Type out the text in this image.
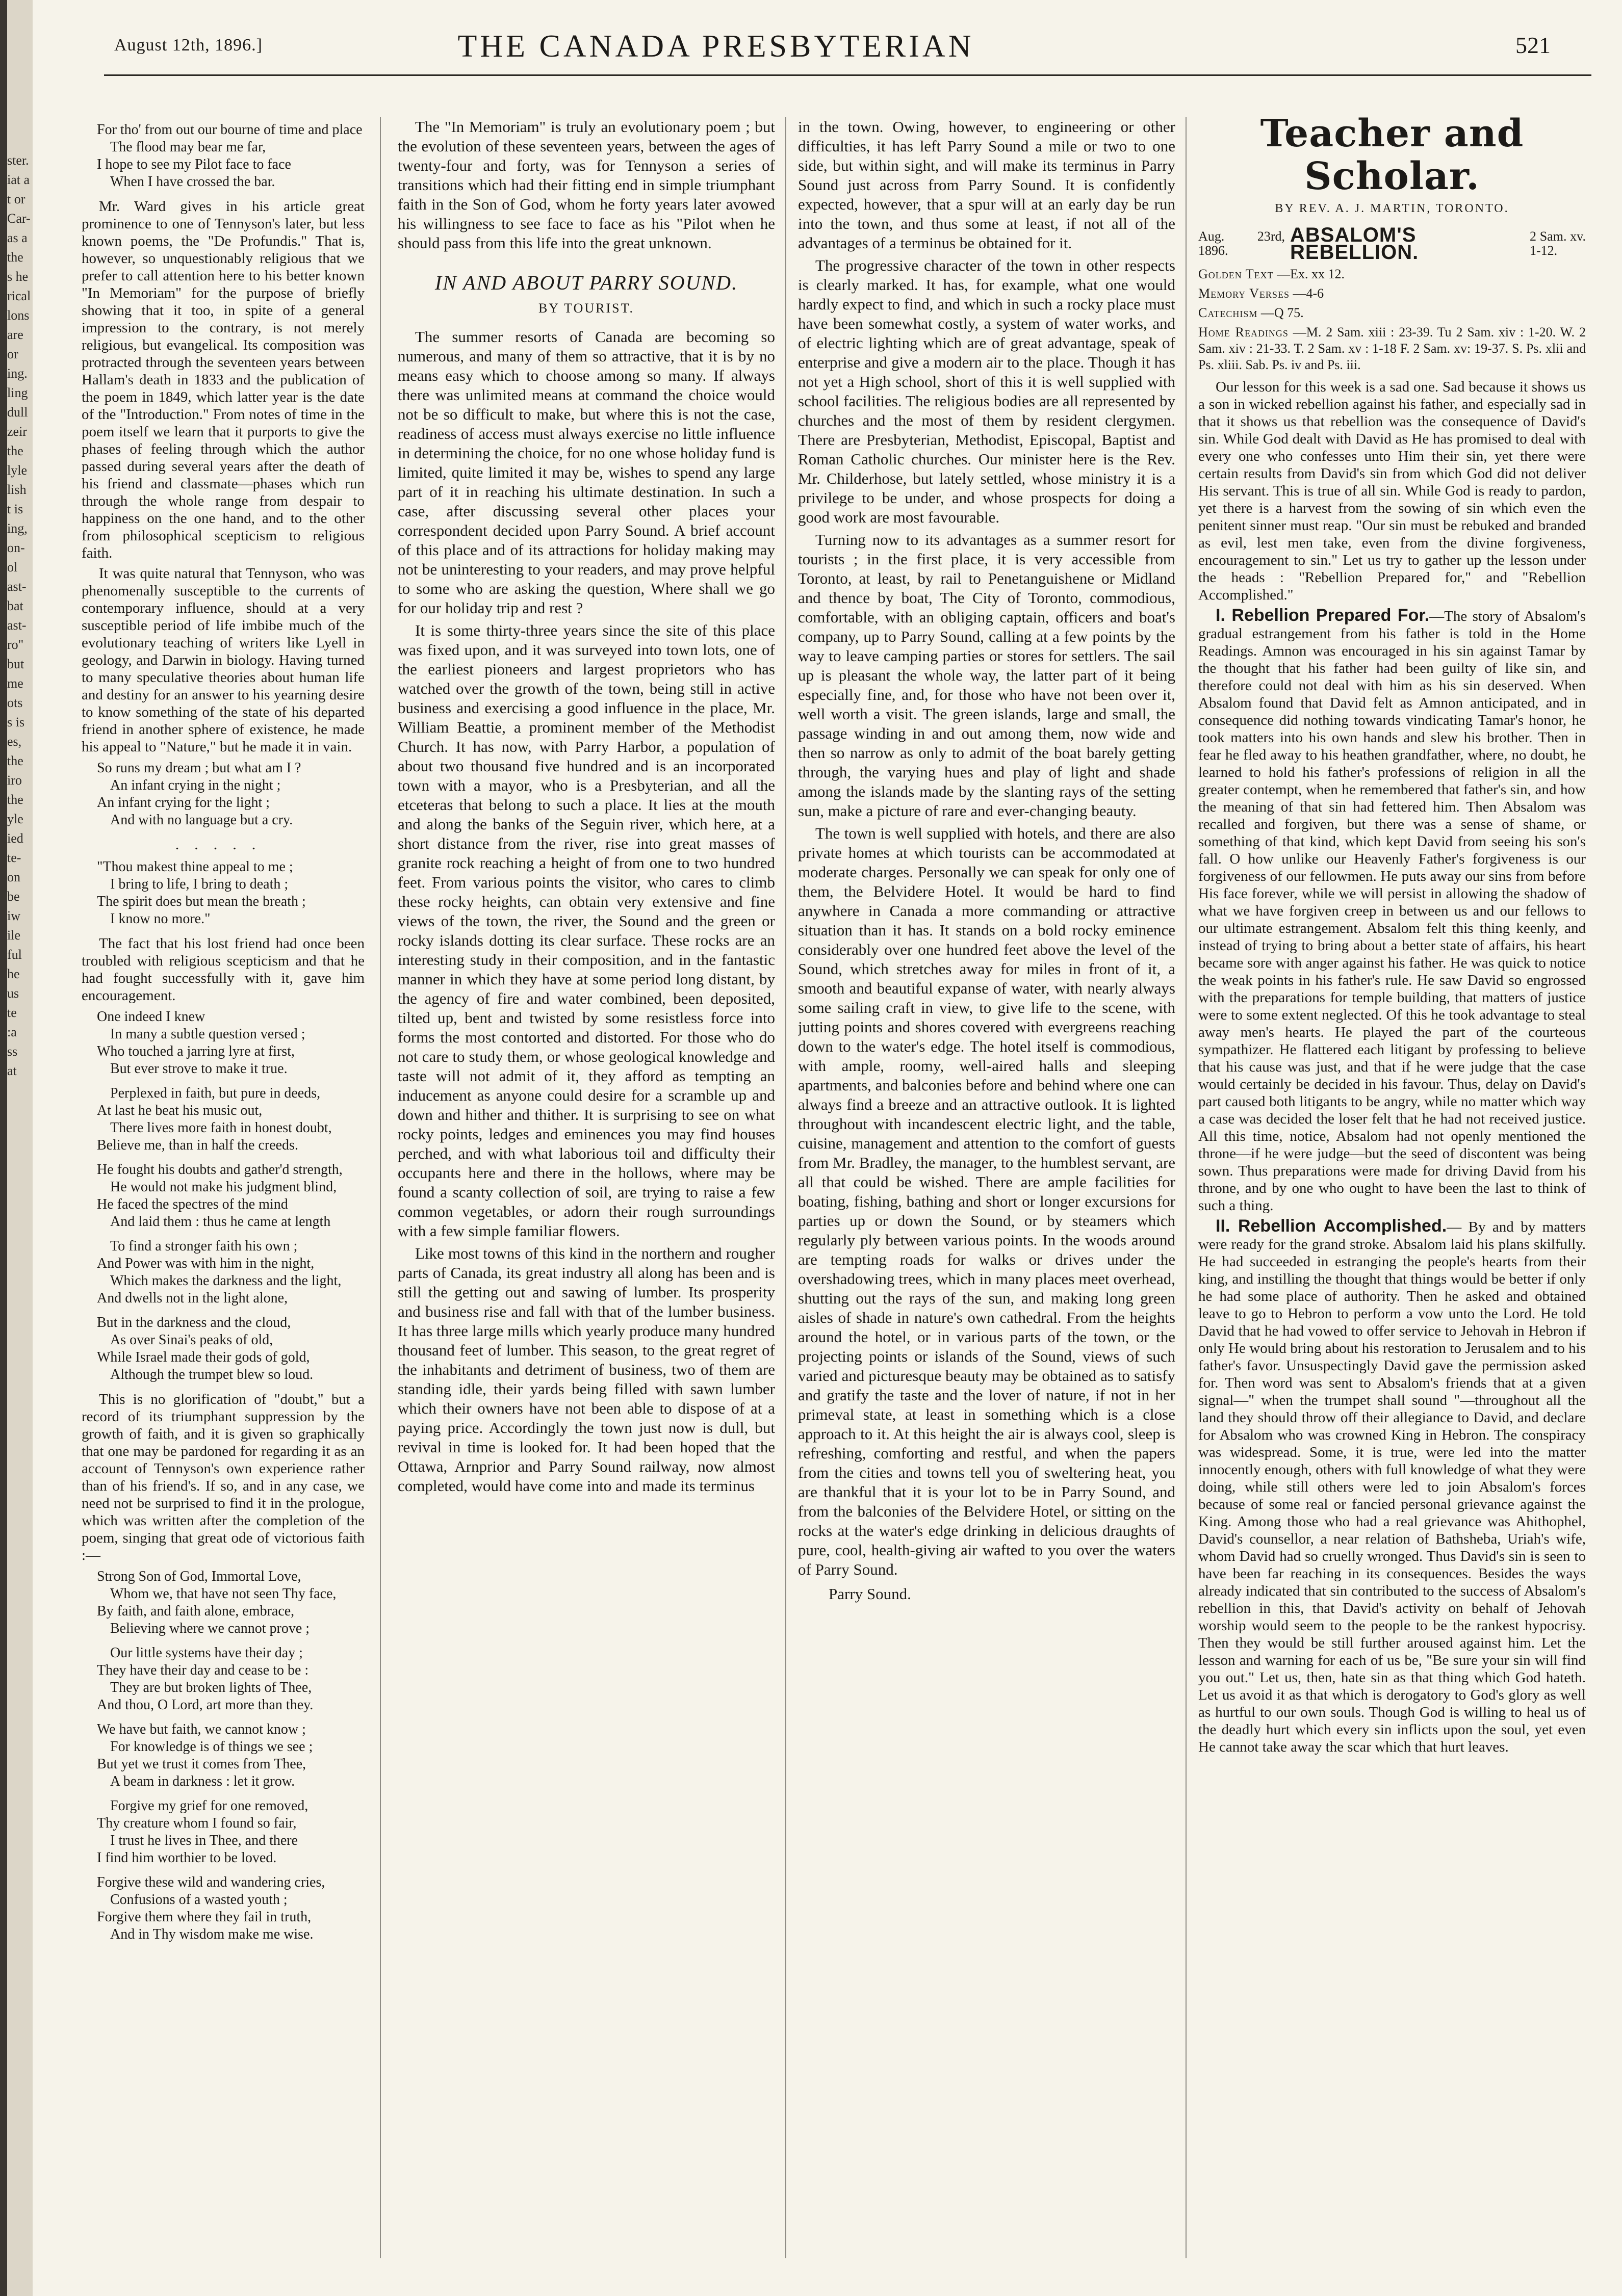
ster.
iat a
t or
Car-
as a
the
s he
rical
lons
are
or
ing.
ling
dull
zeir
the
lyle
lish
t is
ing,
on-
ol
ast-
bat
ast-
ro"
but
me
ots
s is
es,
the
iro
the
yle
ied
te-
on
be
iw
ile
ful
he
us
te
:a
ss
at
August 12th, 1896.]	THE CANADA PRESBYTERIAN	521
For tho' from out our bourne of time and place
The flood may bear me far,
I hope to see my Pilot face to face
When I have crossed the bar.

Mr. Ward gives in his article great prominence to one of Tennyson's later, but less known poems, the "De Profundis." That is, however, so unquestionably religious that we prefer to call attention here to his better known "In Memoriam" for the purpose of briefly showing that it too, in spite of a general impression to the contrary, is not merely religious, but evangelical. Its composition was protracted through the seventeen years between Hallam's death in 1833 and the publication of the poem in 1849, which latter year is the date of the "Introduction." From notes of time in the poem itself we learn that it purports to give the phases of feeling through which the author passed during several years after the death of his friend and classmate—phases which run through the whole range from despair to happiness on the one hand, and to the other from philosophical scepticism to religious faith.

It was quite natural that Tennyson, who was phenomenally susceptible to the currents of contemporary influence, should at a very susceptible period of life imbibe much of the evolutionary teaching of writers like Lyell in geology, and Darwin in biology. Having turned to many speculative theories about human life and destiny for an answer to his yearning desire to know something of the state of his departed friend in another sphere of existence, he made his appeal to "Nature," but he made it in vain.

So runs my dream ; but what am I ?
An infant crying in the night ;
An infant crying for the light ;
And with no language but a cry.
.....
"Thou makest thine appeal to me ;
I bring to life, I bring to death ;
The spirit does but mean the breath ;
I know no more."

The fact that his lost friend had once been troubled with religious scepticism and that he had fought successfully with it, gave him encouragement.

One indeed I knew
In many a subtle question versed ;
Who touched a jarring lyre at first,
But ever strove to make it true.

Perplexed in faith, but pure in deeds,
At last he beat his music out,
There lives more faith in honest doubt,
Believe me, than in half the creeds.

He fought his doubts and gather'd strength,
He would not make his judgment blind,
He faced the spectres of the mind
And laid them : thus he came at length

To find a stronger faith his own ;
And Power was with him in the night,
Which makes the darkness and the light,
And dwells not in the light alone,

But in the darkness and the cloud,
As over Sinai's peaks of old,
While Israel made their gods of gold,
Although the trumpet blew so loud.

This is no glorification of "doubt," but a record of its triumphant suppression by the growth of faith, and it is given so graphically that one may be pardoned for regarding it as an account of Tennyson's own experience rather than of his friend's. If so, and in any case, we need not be surprised to find it in the prologue, which was written after the completion of the poem, singing that great ode of victorious faith :—

Strong Son of God, Immortal Love,
Whom we, that have not seen Thy face,
By faith, and faith alone, embrace,
Believing where we cannot prove ;

Our little systems have their day ;
They have their day and cease to be :
They are but broken lights of Thee,
And thou, O Lord, art more than they.

We have but faith, we cannot know ;
For knowledge is of things we see ;
But yet we trust it comes from Thee,
A beam in darkness : let it grow.

Forgive my grief for one removed,
Thy creature whom I found so fair,
I trust he lives in Thee, and there
I find him worthier to be loved.

Forgive these wild and wandering cries,
Confusions of a wasted youth ;
Forgive them where they fail in truth,
And in Thy wisdom make me wise.

The "In Memoriam" is truly an evolutionary poem ; but the evolution of these seventeen years, between the ages of twenty-four and forty, was for Tennyson a series of transitions which had their fitting end in simple triumphant faith in the Son of God, whom he forty years later avowed his willingness to see face to face as his "Pilot when he should pass from this life into the great unknown.

IN AND ABOUT PARRY SOUND.
BY TOURIST.

The summer resorts of Canada are becoming so numerous, and many of them so attractive, that it is by no means easy which to choose among so many. If always there was unlimited means at command the choice would not be so difficult to make, but where this is not the case, readiness of access must always exercise no little influence in determining the choice, for no one whose holiday fund is limited, quite limited it may be, wishes to spend any large part of it in reaching his ultimate destination. In such a case, after discussing several other places your correspondent decided upon Parry Sound. A brief account of this place and of its attractions for holiday making may not be uninteresting to your readers, and may prove helpful to some who are asking the question, Where shall we go for our holiday trip and rest ?

It is some thirty-three years since the site of this place was fixed upon, and it was surveyed into town lots, one of the earliest pioneers and largest proprietors who has watched over the growth of the town, being still in active business and exercising a good influence in the place, Mr. William Beattie, a prominent member of the Methodist Church. It has now, with Parry Harbor, a population of about two thousand five hundred and is an incorporated town with a mayor, who is a Presbyterian, and all the etceteras that belong to such a place. It lies at the mouth and along the banks of the Seguin river, which here, at a short distance from the river, rise into great masses of granite rock reaching a height of from one to two hundred feet. From various points the visitor, who cares to climb these rocky heights, can obtain very extensive and fine views of the town, the river, the Sound and the green or rocky islands dotting its clear surface. These rocks are an interesting study in their composition, and in the fantastic manner in which they have at some period long distant, by the agency of fire and water combined, been deposited, tilted up, bent and twisted by some resistless force into forms the most contorted and distorted. For those who do not care to study them, or whose geological knowledge and taste will not admit of it, they afford as tempting an inducement as anyone could desire for a scramble up and down and hither and thither. It is surprising to see on what rocky points, ledges and eminences you may find houses perched, and with what laborious toil and difficulty their occupants here and there in the hollows, where may be found a scanty collection of soil, are trying to raise a few common vegetables, or adorn their rough surroundings with a few simple familiar flowers.

Like most towns of this kind in the northern and rougher parts of Canada, its great industry all along has been and is still the getting out and sawing of lumber. Its prosperity and business rise and fall with that of the lumber business. It has three large mills which yearly produce many hundred thousand feet of lumber. This season, to the great regret of the inhabitants and detriment of business, two of them are standing idle, their yards being filled with sawn lumber which their owners have not been able to dispose of at a paying price. Accordingly the town just now is dull, but revival in time is looked for. It had been hoped that the Ottawa, Arnprior and Parry Sound railway, now almost completed, would have come into and made its terminus

in the town. Owing, however, to engineering or other difficulties, it has left Parry Sound a mile or two to one side, but within sight, and will make its terminus in Parry Sound just across from Parry Sound. It is confidently expected, however, that a spur will at an early day be run into the town, and thus some at least, if not all of the advantages of a terminus be obtained for it.

The progressive character of the town in other respects is clearly marked. It has, for example, what one would hardly expect to find, and which in such a rocky place must have been somewhat costly, a system of water works, and of electric lighting which are of great advantage, speak of enterprise and give a modern air to the place. Though it has not yet a High school, short of this it is well supplied with school facilities. The religious bodies are all represented by churches and the most of them by resident clergymen. There are Presbyterian, Methodist, Episcopal, Baptist and Roman Catholic churches. Our minister here is the Rev. Mr. Childerhose, but lately settled, whose ministry it is a privilege to be under, and whose prospects for doing a good work are most favourable.

Turning now to its advantages as a summer resort for tourists ; in the first place, it is very accessible from Toronto, at least, by rail to Penetanguishene or Midland and thence by boat, The City of Toronto, commodious, comfortable, with an obliging captain, officers and boat's company, up to Parry Sound, calling at a few points by the way to leave camping parties or stores for settlers. The sail up is pleasant the whole way, the latter part of it being especially fine, and, for those who have not been over it, well worth a visit. The green islands, large and small, the passage winding in and out among them, now wide and then so narrow as only to admit of the boat barely getting through, the varying hues and play of light and shade among the islands made by the slanting rays of the setting sun, make a picture of rare and ever-changing beauty.

The town is well supplied with hotels, and there are also private homes at which tourists can be accommodated at moderate charges. Personally we can speak for only one of them, the Belvidere Hotel. It would be hard to find anywhere in Canada a more commanding or attractive situation than it has. It stands on a bold rocky eminence considerably over one hundred feet above the level of the Sound, which stretches away for miles in front of it, a smooth and beautiful expanse of water, with nearly always some sailing craft in view, to give life to the scene, with jutting points and shores covered with evergreens reaching down to the water's edge. The hotel itself is commodious, with ample, roomy, well-aired halls and sleeping apartments, and balconies before and behind where one can always find a breeze and an attractive outlook. It is lighted throughout with incandescent electric light, and the table, cuisine, management and attention to the comfort of guests from Mr. Bradley, the manager, to the humblest servant, are all that could be wished. There are ample facilities for boating, fishing, bathing and short or longer excursions for parties up or down the Sound, or by steamers which regularly ply between various points. In the woods around are tempting roads for walks or drives under the overshadowing trees, which in many places meet overhead, shutting out the rays of the sun, and making long green aisles of shade in nature's own cathedral. From the heights around the hotel, or in various parts of the town, or the projecting points or islands of the Sound, views of such varied and picturesque beauty may be obtained as to satisfy and gratify the taste and the lover of nature, if not in her primeval state, at least in something which is a close approach to it. At this height the air is always cool, sleep is refreshing, comforting and restful, and when the papers from the cities and towns tell you of sweltering heat, you are thankful that it is your lot to be in Parry Sound, and from the balconies of the Belvidere Hotel, or sitting on the rocks at the water's edge drinking in delicious draughts of pure, cool, health-giving air wafted to you over the waters of Parry Sound.

Parry Sound.

Teacher and Scholar.
BY REV. A. J. MARTIN, TORONTO.
Aug. 23rd, 1896.
ABSALOM'S REBELLION.
2 Sam. xv. 1-12.

Golden Text —Ex. xx 12.

Memory Verses —4-6

Catechism —Q 75.

Home Readings —M. 2 Sam. xiii : 23-39. Tu 2 Sam. xiv : 1-20. W. 2 Sam. xiv : 21-33. T. 2 Sam. xv : 1-18 F. 2 Sam. xv: 19-37. S. Ps. xlii and Ps. xliii. Sab. Ps. iv and Ps. iii.

Our lesson for this week is a sad one. Sad because it shows us a son in wicked rebellion against his father, and especially sad in that it shows us that rebellion was the consequence of David's sin. While God dealt with David as He has promised to deal with every one who confesses unto Him their sin, yet there were certain results from David's sin from which God did not deliver His servant. This is true of all sin. While God is ready to pardon, yet there is a harvest from the sowing of sin which even the penitent sinner must reap. "Our sin must be rebuked and branded as evil, lest men take, even from the divine forgiveness, encouragement to sin." Let us try to gather up the lesson under the heads : "Rebellion Prepared for," and "Rebellion Accomplished."

I. Rebellion Prepared For.—The story of Absalom's gradual estrangement from his father is told in the Home Readings. Amnon was encouraged in his sin against Tamar by the thought that his father had been guilty of like sin, and therefore could not deal with him as his sin deserved. When Absalom found that David felt as Amnon anticipated, and in consequence did nothing towards vindicating Tamar's honor, he took matters into his own hands and slew his brother. Then in fear he fled away to his heathen grandfather, where, no doubt, he learned to hold his father's professions of religion in all the greater contempt, when he remembered that father's sin, and how the meaning of that sin had fettered him. Then Absalom was recalled and forgiven, but there was a sense of shame, or something of that kind, which kept David from seeing his son's fall. O how unlike our Heavenly Father's forgiveness is our forgiveness of our fellowmen. He puts away our sins from before His face forever, while we will persist in allowing the shadow of what we have forgiven creep in between us and our fellows to our ultimate estrangement. Absalom felt this thing keenly, and instead of trying to bring about a better state of affairs, his heart became sore with anger against his father. He was quick to notice the weak points in his father's rule. He saw David so engrossed with the preparations for temple building, that matters of justice were to some extent neglected. Of this he took advantage to steal away men's hearts. He played the part of the courteous sympathizer. He flattered each litigant by professing to believe that his cause was just, and that if he were judge that the case would certainly be decided in his favour. Thus, delay on David's part caused both litigants to be angry, while no matter which way a case was decided the loser felt that he had not received justice. All this time, notice, Absalom had not openly mentioned the throne—if he were judge—but the seed of discontent was being sown. Thus preparations were made for driving David from his throne, and by one who ought to have been the last to think of such a thing.

II. Rebellion Accomplished.— By and by matters were ready for the grand stroke. Absalom laid his plans skilfully. He had succeeded in estranging the people's hearts from their king, and instilling the thought that things would be better if only he had some place of authority. Then he asked and obtained leave to go to Hebron to perform a vow unto the Lord. He told David that he had vowed to offer service to Jehovah in Hebron if only He would bring about his restoration to Jerusalem and to his father's favor. Unsuspectingly David gave the permission asked for. Then word was sent to Absalom's friends that at a given signal—" when the trumpet shall sound "—throughout all the land they should throw off their allegiance to David, and declare for Absalom who was crowned King in Hebron. The conspiracy was widespread. Some, it is true, were led into the matter innocently enough, others with full knowledge of what they were doing, while still others were led to join Absalom's forces because of some real or fancied personal grievance against the King. Among those who had a real grievance was Ahithophel, David's counsellor, a near relation of Bathsheba, Uriah's wife, whom David had so cruelly wronged. Thus David's sin is seen to have been far reaching in its consequences. Besides the ways already indicated that sin contributed to the success of Absalom's rebellion in this, that David's activity on behalf of Jehovah worship would seem to the people to be the rankest hypocrisy. Then they would be still further aroused against him. Let the lesson and warning for each of us be, "Be sure your sin will find you out." Let us, then, hate sin as that thing which God hateth. Let us avoid it as that which is derogatory to God's glory as well as hurtful to our own souls. Though God is willing to heal us of the deadly hurt which every sin inflicts upon the soul, yet even He cannot take away the scar which that hurt leaves.
